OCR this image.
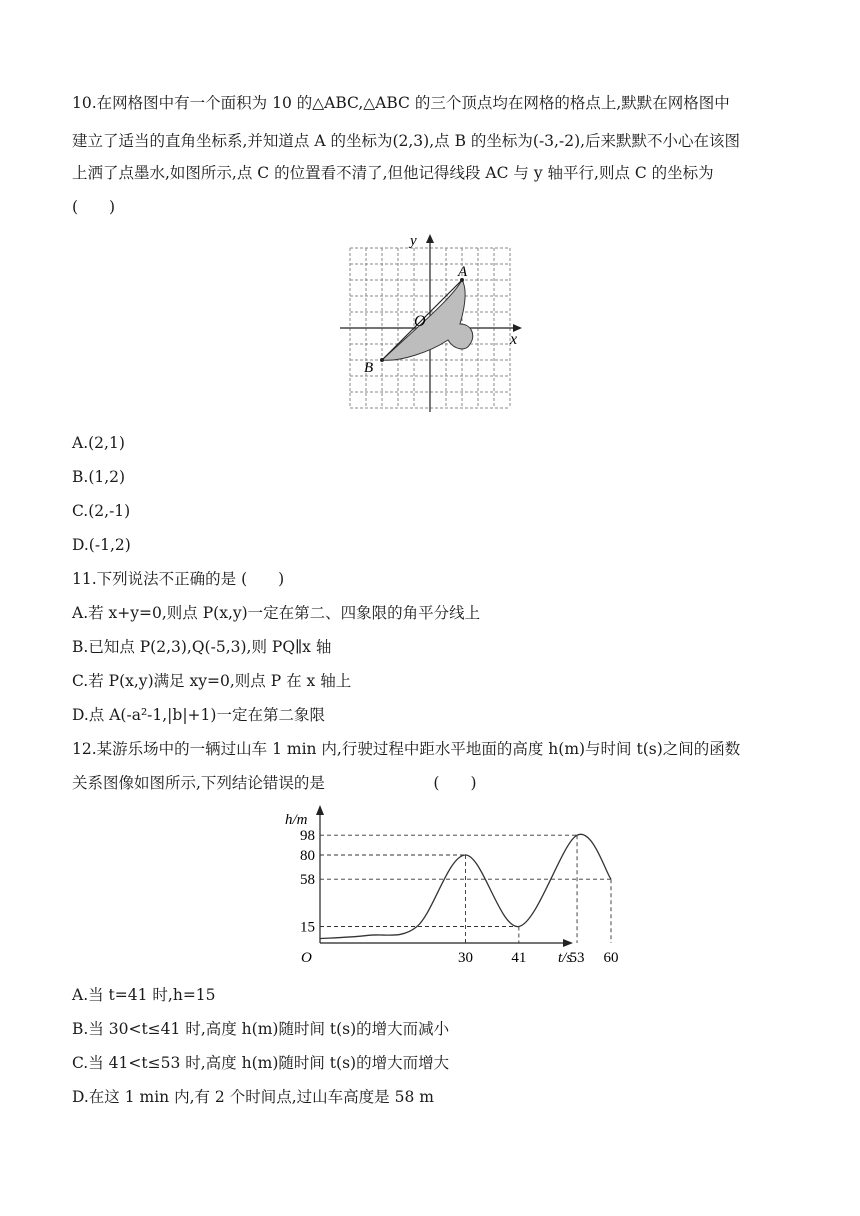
10.在网格图中有一个面积为 10 的△ABC,△ABC 的三个顶点均在网格的格点上,默默在网格图中
建立了适当的直角坐标系,并知道点 A 的坐标为(2,3),点 B 的坐标为(-3,-2),后来默默不小心在该图
上洒了点墨水,如图所示,点 C 的位置看不清了,但他记得线段 AC 与 y 轴平行,则点 C 的坐标为
(　　)
y
x
O
A
B
A.(2,1)
B.(1,2)
C.(2,-1)
D.(-1,2)
11.下列说法不正确的是 (　　)
A.若 x+y=0,则点 P(x,y)一定在第二、四象限的角平分线上
B.已知点 P(2,3),Q(-5,3),则 PQ∥x 轴
C.若 P(x,y)满足 xy=0,则点 P 在 x 轴上
D.点 A(-a²-1,|b|+1)一定在第二象限
12.某游乐场中的一辆过山车 1 min 内,行驶过程中距水平地面的高度 h(m)与时间 t(s)之间的函数
关系图像如图所示,下列结论错误的是　　　　　　　(　　)
15
58
80
98
30	41	53 60
h/m
t/s
O
A.当 t=41 时,h=15
B.当 30<t≤41 时,高度 h(m)随时间 t(s)的增大而减小
C.当 41<t≤53 时,高度 h(m)随时间 t(s)的增大而增大
D.在这 1 min 内,有 2 个时间点,过山车高度是 58 m
